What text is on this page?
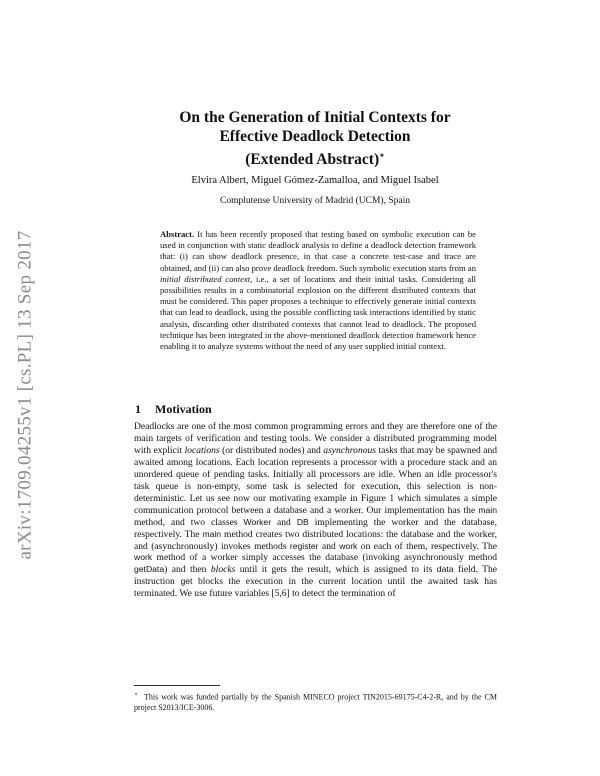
arXiv:1709.04255v1 [cs.PL] 13 Sep 2017
On the Generation of Initial Contexts for
Effective Deadlock Detection
(Extended Abstract)⋆
Elvira Albert, Miguel Gómez-Zamalloa, and Miguel Isabel
Complutense University of Madrid (UCM), Spain
Abstract. It has been recently proposed that testing based on symbolic execution can be used in conjunction with static deadlock analysis to define a deadlock detection framework that: (i) can show deadlock presence, in that case a concrete test-case and trace are obtained, and (ii) can also prove deadlock freedom. Such symbolic execution starts from an initial distributed context, i.e., a set of locations and their initial tasks. Considering all possibilities results in a combinatorial explosion on the different distributed contexts that must be considered. This paper proposes a technique to effectively generate initial contexts that can lead to deadlock, using the possible conflicting task interactions identified by static analysis, discarding other distributed contexts that cannot lead to deadlock. The proposed technique has been integrated in the above-mentioned deadlock detection framework hence enabling it to analyze systems without the need of any user supplied initial context.
1 Motivation
Deadlocks are one of the most common programming errors and they are therefore one of the main targets of verification and testing tools. We consider a distributed programming model with explicit locations (or distributed nodes) and asynchronous tasks that may be spawned and awaited among locations. Each location represents a processor with a procedure stack and an unordered queue of pending tasks. Initially all processors are idle. When an idle processor's task queue is non-empty, some task is selected for execution, this selection is non-deterministic. Let us see now our motivating example in Figure 1 which simulates a simple communication protocol between a database and a worker. Our implementation has the main method, and two classes Worker and DB implementing the worker and the database, respectively. The main method creates two distributed locations: the database and the worker, and (asynchronously) invokes methods register and work on each of them, respectively. The work method of a worker simply accesses the database (invoking asynchronously method getData) and then blocks until it gets the result, which is assigned to its data field. The instruction get blocks the execution in the current location until the awaited task has terminated. We use future variables [5,6] to detect the termination of
⋆ This work was funded partially by the Spanish MINECO project TIN2015-69175-C4-2-R, and by the CM project S2013/ICE-3006.
